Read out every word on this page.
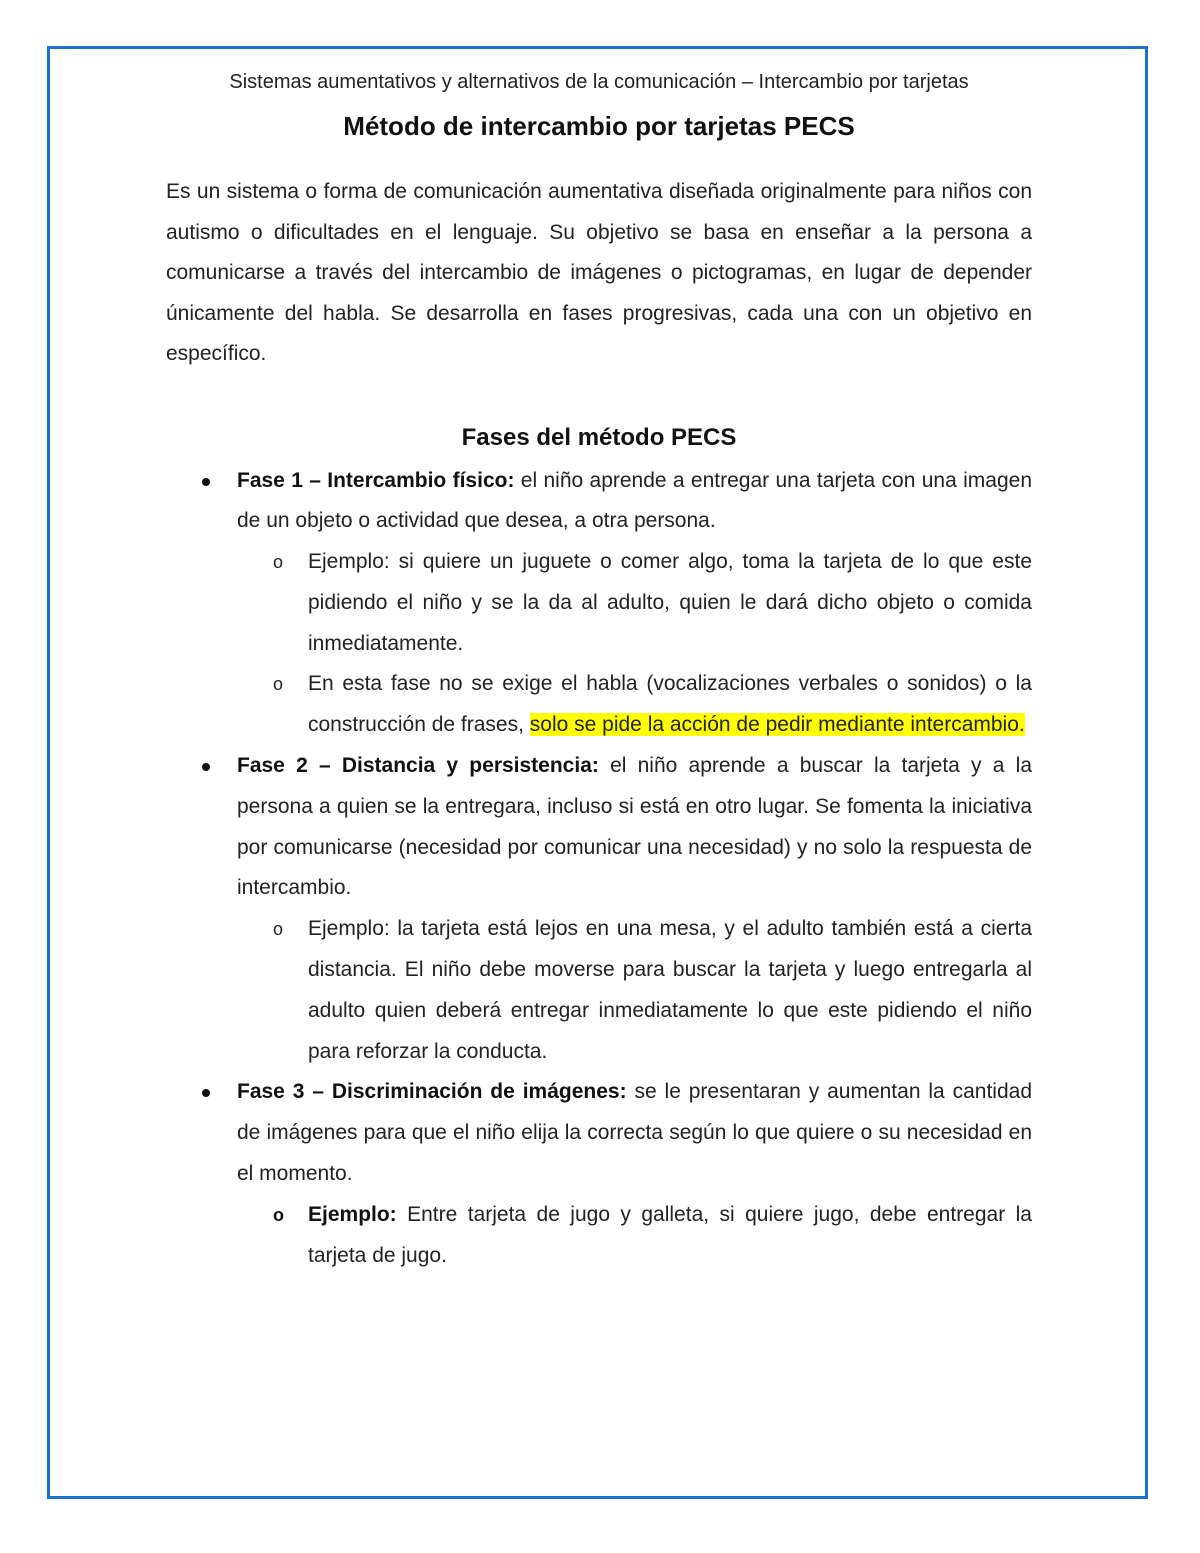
Sistemas aumentativos y alternativos de la comunicación – Intercambio por tarjetas

Método de intercambio por tarjetas PECS

Es un sistema o forma de comunicación aumentativa diseñada originalmente para niños con autismo o dificultades en el lenguaje. Su objetivo se basa en enseñar a la persona a comunicarse a través del intercambio de imágenes o pictogramas, en lugar de depender únicamente del habla. Se desarrolla en fases progresivas, cada una con un objetivo en específico.

Fases del método PECS
Fase 1 – Intercambio físico: el niño aprende a entregar una tarjeta con una imagen de un objeto o actividad que desea, a otra persona.
o Ejemplo: si quiere un juguete o comer algo, toma la tarjeta de lo que este pidiendo el niño y se la da al adulto, quien le dará dicho objeto o comida inmediatamente.
o En esta fase no se exige el habla (vocalizaciones verbales o sonidos) o la construcción de frases, solo se pide la acción de pedir mediante intercambio.
Fase 2 – Distancia y persistencia: el niño aprende a buscar la tarjeta y a la persona a quien se la entregara, incluso si está en otro lugar. Se fomenta la iniciativa por comunicarse (necesidad por comunicar una necesidad) y no solo la respuesta de intercambio.
o Ejemplo: la tarjeta está lejos en una mesa, y el adulto también está a cierta distancia. El niño debe moverse para buscar la tarjeta y luego entregarla al adulto quien deberá entregar inmediatamente lo que este pidiendo el niño para reforzar la conducta.
Fase 3 – Discriminación de imágenes: se le presentaran y aumentan la cantidad de imágenes para que el niño elija la correcta según lo que quiere o su necesidad en el momento.
o Ejemplo: Entre tarjeta de jugo y galleta, si quiere jugo, debe entregar la tarjeta de jugo.
